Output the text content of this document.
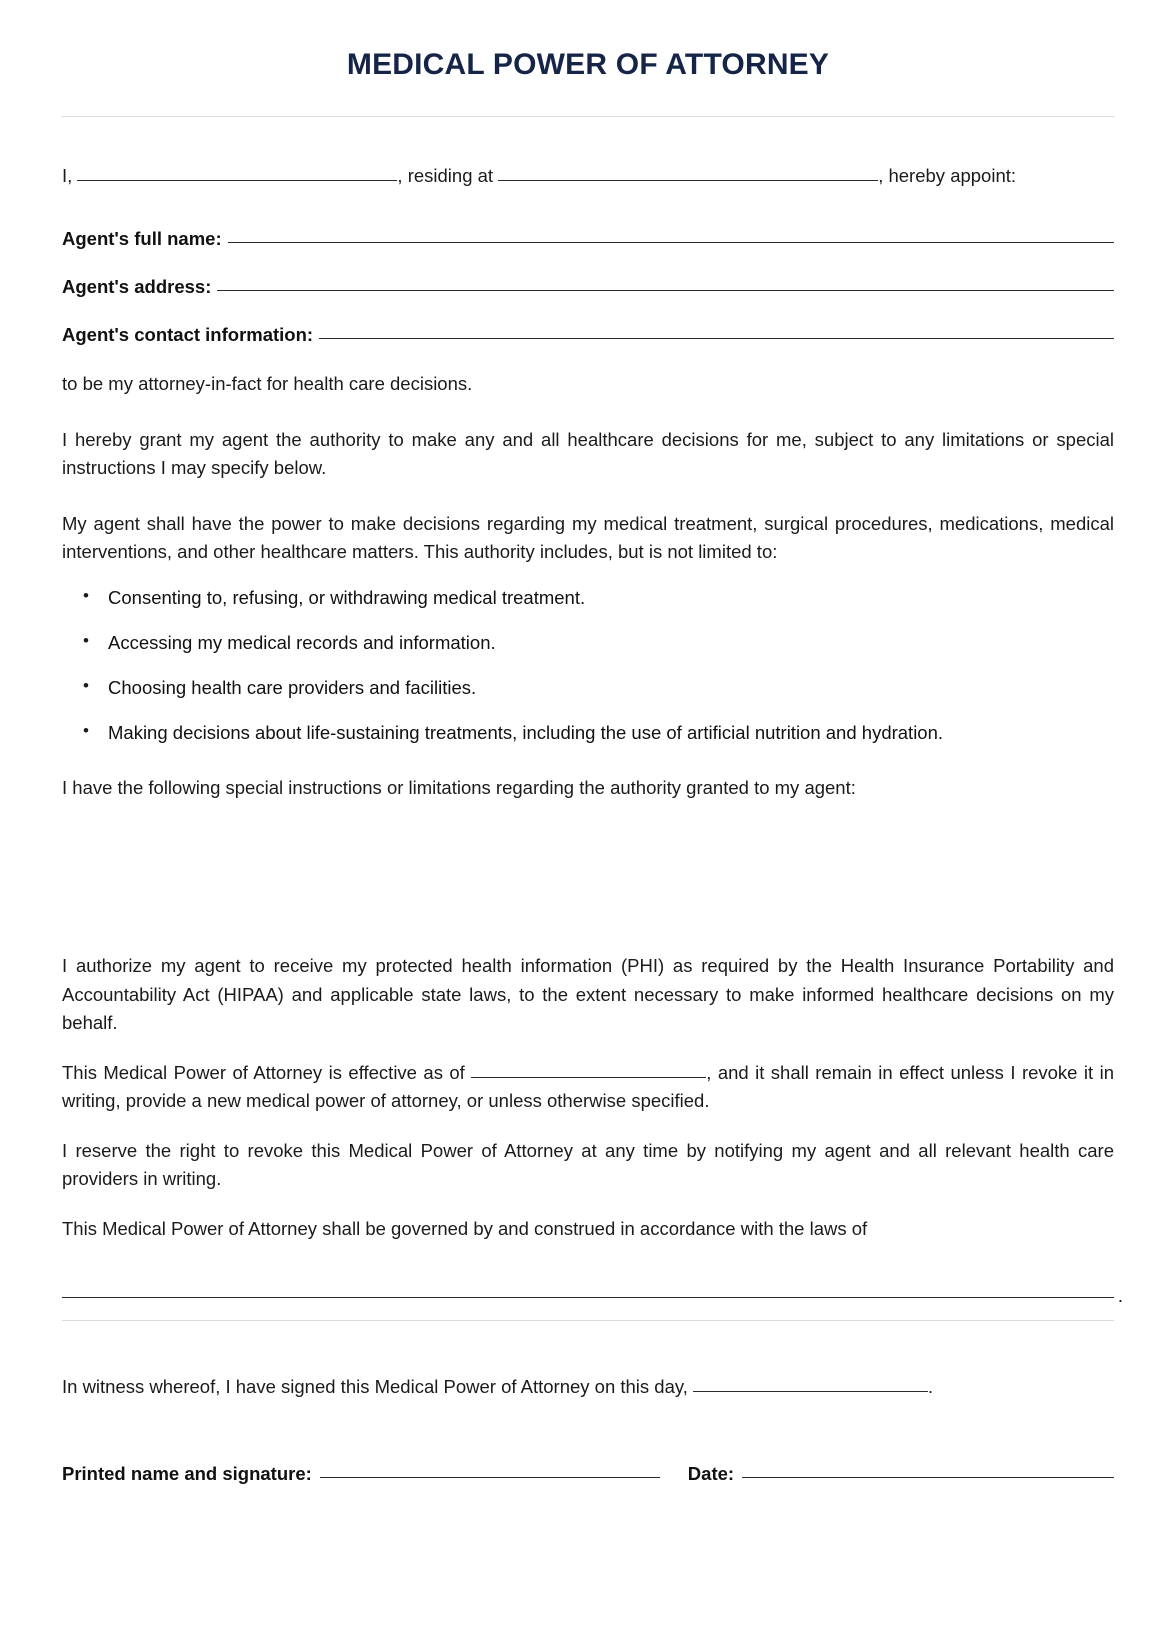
MEDICAL POWER OF ATTORNEY
I,	, residing at	, hereby appoint:
Agent's full name:
Agent's address:
Agent's contact information:

to be my attorney-in-fact for health care decisions.

I hereby grant my agent the authority to make any and all healthcare decisions for me, subject to any limitations or special instructions I may specify below.

My agent shall have the power to make decisions regarding my medical treatment, surgical procedures, medications, medical interventions, and other healthcare matters. This authority includes, but is not limited to:

• Consenting to, refusing, or withdrawing medical treatment.
• Accessing my medical records and information.
• Choosing health care providers and facilities.
• Making decisions about life-sustaining treatments, including the use of artificial nutrition and hydration.

I have the following special instructions or limitations regarding the authority granted to my agent:

I authorize my agent to receive my protected health information (PHI) as required by the Health Insurance Portability and Accountability Act (HIPAA) and applicable state laws, to the extent necessary to make informed healthcare decisions on my behalf.

This Medical Power of Attorney is effective as of	, and it shall remain in effect unless I revoke it in writing, provide a new medical power of attorney, or unless otherwise specified.

I reserve the right to revoke this Medical Power of Attorney at any time by notifying my agent and all relevant health care providers in writing.

This Medical Power of Attorney shall be governed by and construed in accordance with the laws of

.

In witness whereof, I have signed this Medical Power of Attorney on this day,	.

Printed name and signature:	Date:
